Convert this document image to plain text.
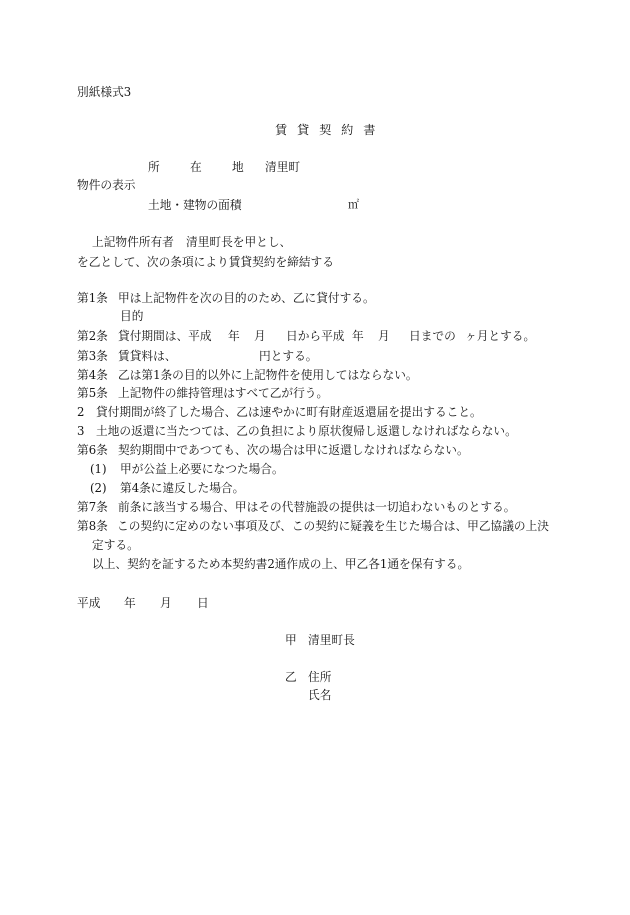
別紙様式3
賃 貸 契 約 書
所	在	地 清里町
物件の表示
土地・建物の面積	㎡
上記物件所有者 清里町長を甲とし、
を乙として、次の条項により賃貸契約を締結する
第1条 甲は上記物件を次の目的のため、乙に貸付する。
目的
第2条 貸付期間は、平成 年 月 日から平成 年 月 日までの ヶ月とする。
第3条 賃貸料は、	円とする。
第4条 乙は第1条の目的以外に上記物件を使用してはならない。
第5条 上記物件の維持管理はすべて乙が行う。
2 貸付期間が終了した場合、乙は速やかに町有財産返還届を提出すること。
3 土地の返還に当たつては、乙の負担により原状復帰し返還しなければならない。
第6条 契約期間中であつても、次の場合は甲に返還しなければならない。
(1) 甲が公益上必要になつた場合。
(2) 第4条に違反した場合。
第7条 前条に該当する場合、甲はその代替施設の提供は一切追わないものとする。
第8条 この契約に定めのない事項及び、この契約に疑義を生じた場合は、甲乙協議の上決
定する。
以上、契約を証するため本契約書2通作成の上、甲乙各1通を保有する。
平成 年 月 日
甲 清里町長
乙 住所
氏名
